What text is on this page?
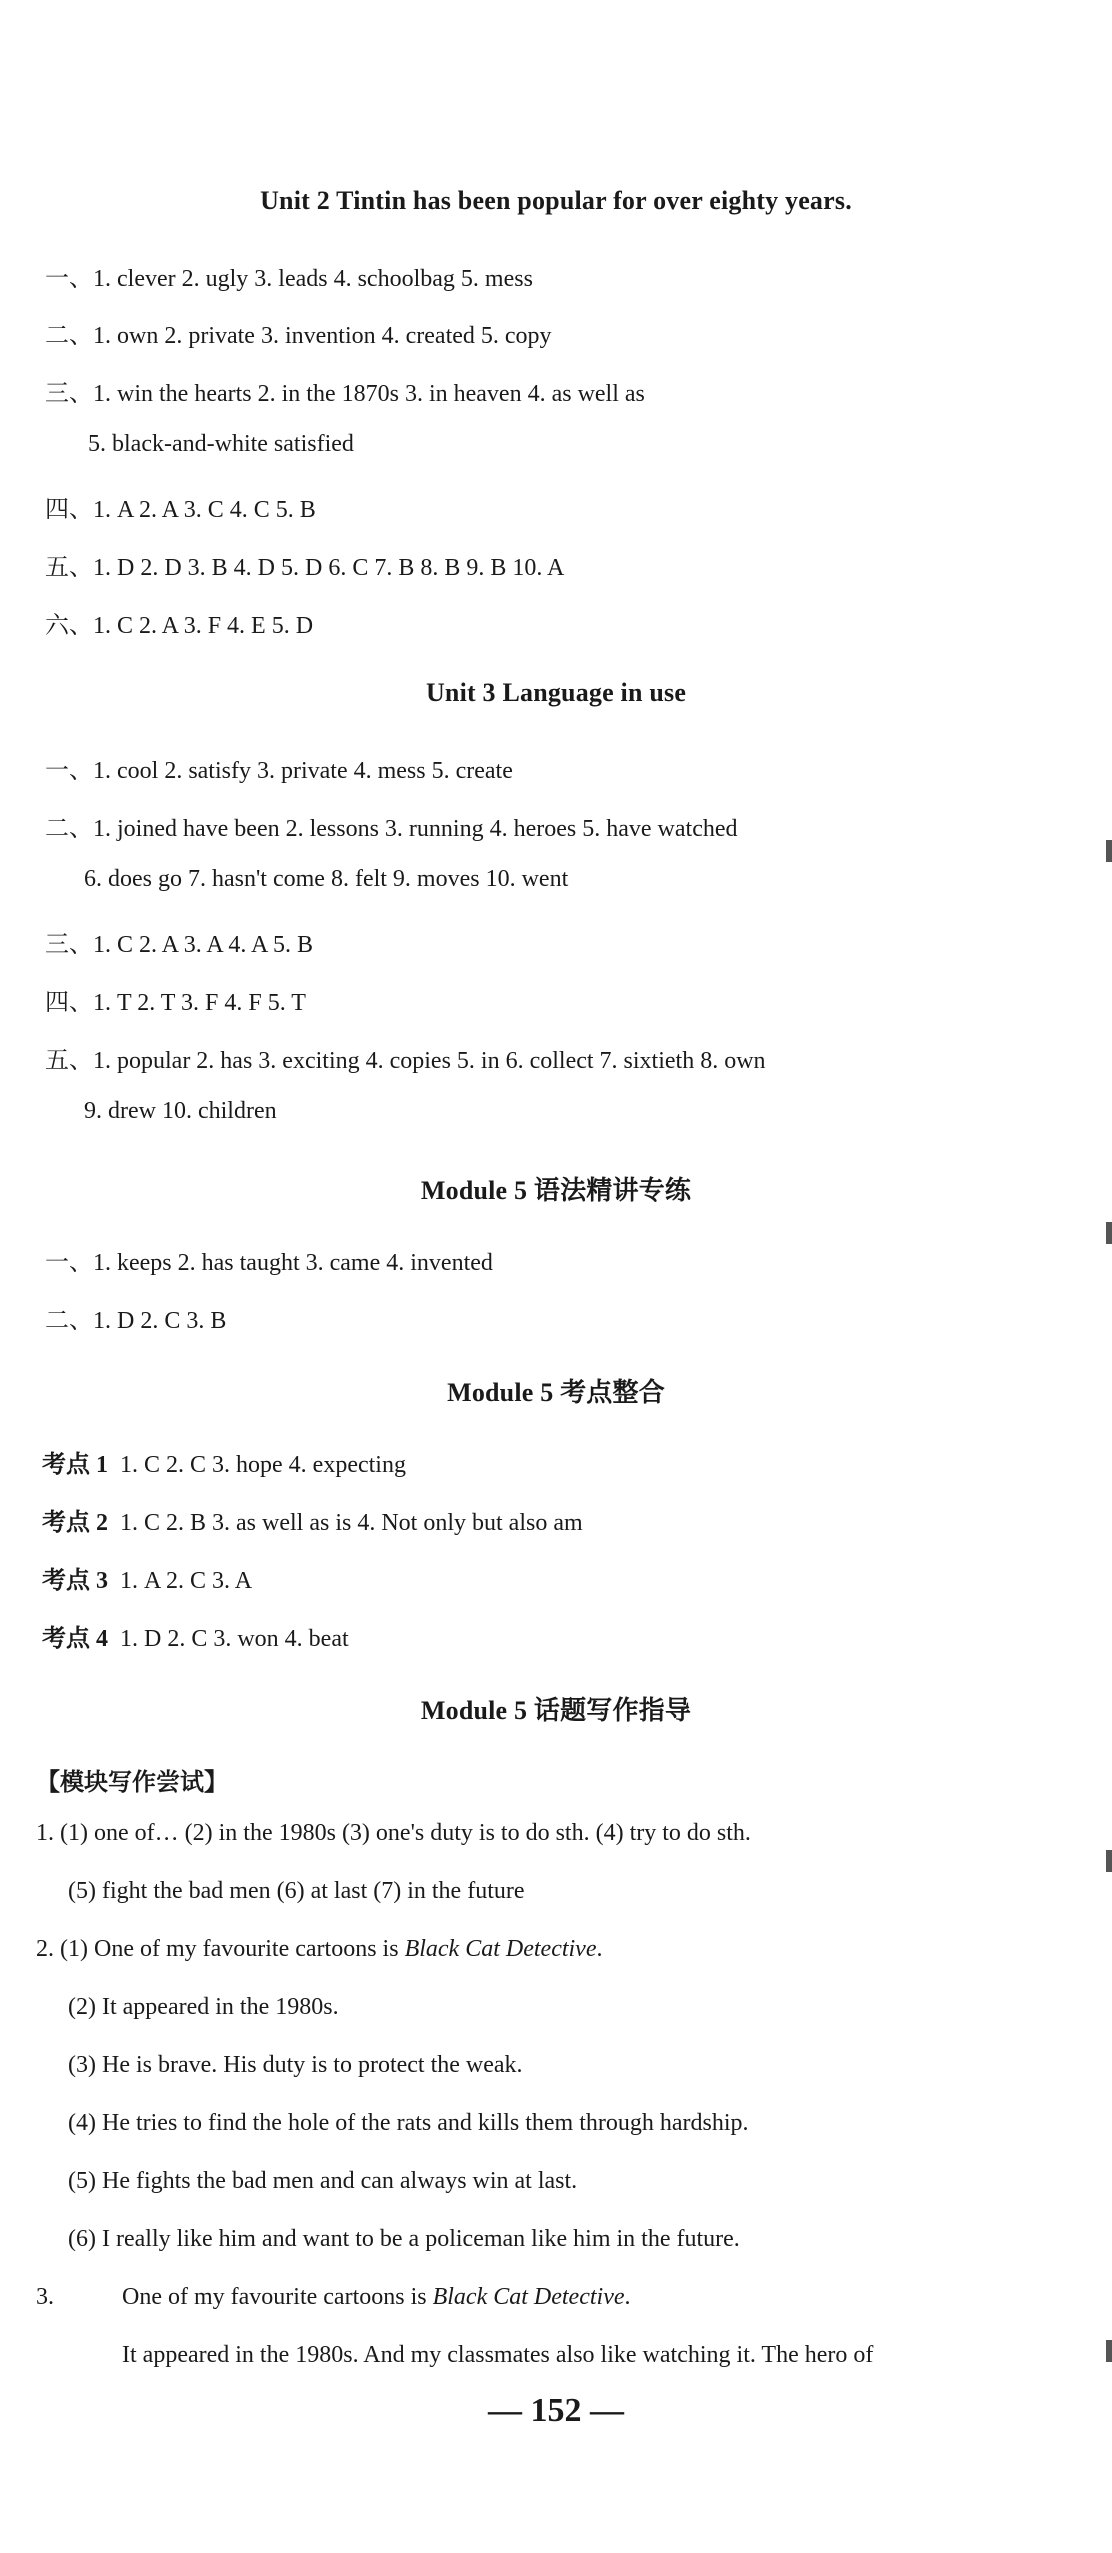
Unit 2 Tintin has been popular for over eighty years.
一、1. clever 2. ugly 3. leads 4. schoolbag 5. mess
二、1. own 2. private 3. invention 4. created 5. copy
三、1. win the hearts 2. in the 1870s 3. in heaven 4. as well as
5. black-and-white satisfied
四、1. A 2. A 3. C 4. C 5. B
五、1. D 2. D 3. B 4. D 5. D 6. C 7. B 8. B 9. B 10. A
六、1. C 2. A 3. F 4. E 5. D
Unit 3 Language in use
一、1. cool 2. satisfy 3. private 4. mess 5. create
二、1. joined have been 2. lessons 3. running 4. heroes 5. have watched
6. does go 7. hasn't come 8. felt 9. moves 10. went
三、1. C 2. A 3. A 4. A 5. B
四、1. T 2. T 3. F 4. F 5. T
五、1. popular 2. has 3. exciting 4. copies 5. in 6. collect 7. sixtieth 8. own
9. drew 10. children
Module 5 语法精讲专练
一、1. keeps 2. has taught 3. came 4. invented
二、1. D 2. C 3. B
Module 5 考点整合
考点 1 1. C 2. C 3. hope 4. expecting
考点 2 1. C 2. B 3. as well as is 4. Not only but also am
考点 3 1. A 2. C 3. A
考点 4 1. D 2. C 3. won 4. beat
Module 5 话题写作指导
【模块写作尝试】
1. (1) one of… (2) in the 1980s (3) one's duty is to do sth. (4) try to do sth.
(5) fight the bad men (6) at last (7) in the future
2. (1) One of my favourite cartoons is Black Cat Detective.
(2) It appeared in the 1980s.
(3) He is brave. His duty is to protect the weak.
(4) He tries to find the hole of the rats and kills them through hardship.
(5) He fights the bad men and can always win at last.
(6) I really like him and want to be a policeman like him in the future.
3.	One of my favourite cartoons is Black Cat Detective.
It appeared in the 1980s. And my classmates also like watching it. The hero of
— 152 —
